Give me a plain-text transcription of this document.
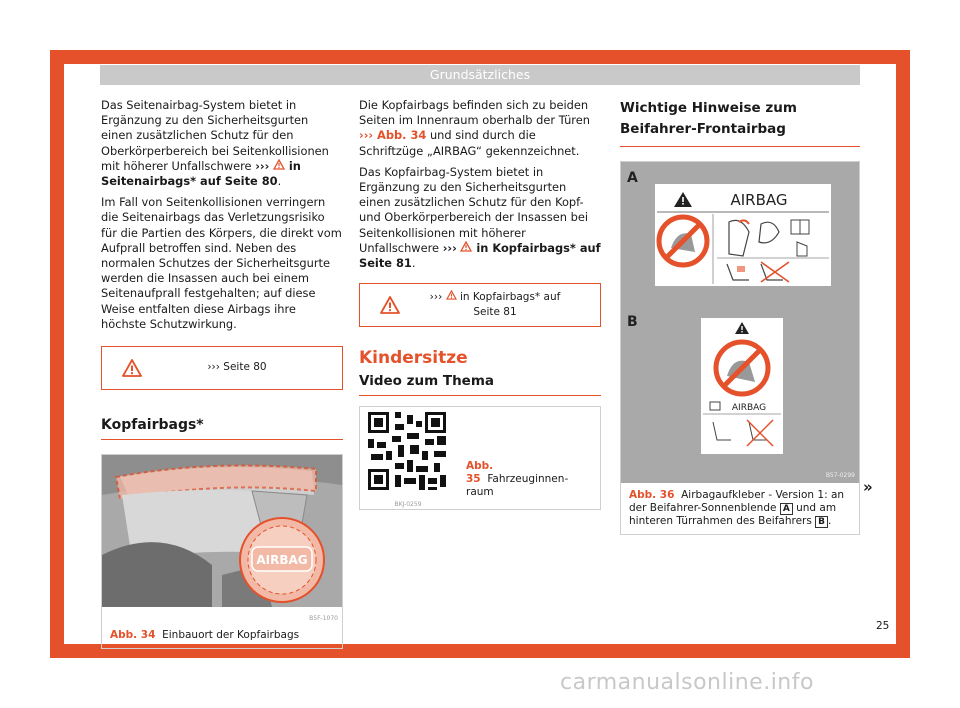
Grundsätzliches

Das Seitenairbag-System bietet in Ergänzung zu den Sicherheitsgurten einen zusätzlichen Schutz für den Oberkörperbereich bei Seitenkollisionen mit höherer Unfallschwere ›››  in Seitenairbags* auf Seite 80.

Im Fall von Seitenkollisionen verringern die Seitenairbags das Verletzungsrisiko für die Partien des Körpers, die direkt vom Aufprall betroffen sind. Neben des normalen Schutzes der Sicherheitsgurte werden die Insassen auch bei einem Seitenaufprall festgehalten; auf diese Weise entfalten diese Airbags ihre höchste Schutzwirkung.

››› Seite 80
Kopfairbags*
AIRBAG
B5F-1070
Abb. 34 Einbauort der Kopfairbags

Die Kopfairbags befinden sich zu beiden Seiten im Innenraum oberhalb der Türen ››› Abb. 34 und sind durch die Schriftzüge „AIRBAG“ gekennzeichnet.

Das Kopfairbag-System bietet in Ergänzung zu den Sicherheitsgurten einen zusätzlichen Schutz für den Kopf- und Oberkörperbereich der Insassen bei Seitenkollisionen mit höherer Unfallschwere ›››  in Kopfairbags* auf Seite 81.

›››  in Kopfairbags* auf Seite 81
Kindersitze
Video zum Thema
BKJ-0259
Abb. 35 Fahrzeuginnenraum
Wichtige Hinweise zum Beifahrer-Frontairbag
A
AIRBAG
B
AIRBAG
B57-0299
Abb. 36 Airbagaufkleber - Version 1: an der Beifahrer-Sonnenblende A und am hinteren Türrahmen des Beifahrers B .
»
25
carmanualsonline.info
